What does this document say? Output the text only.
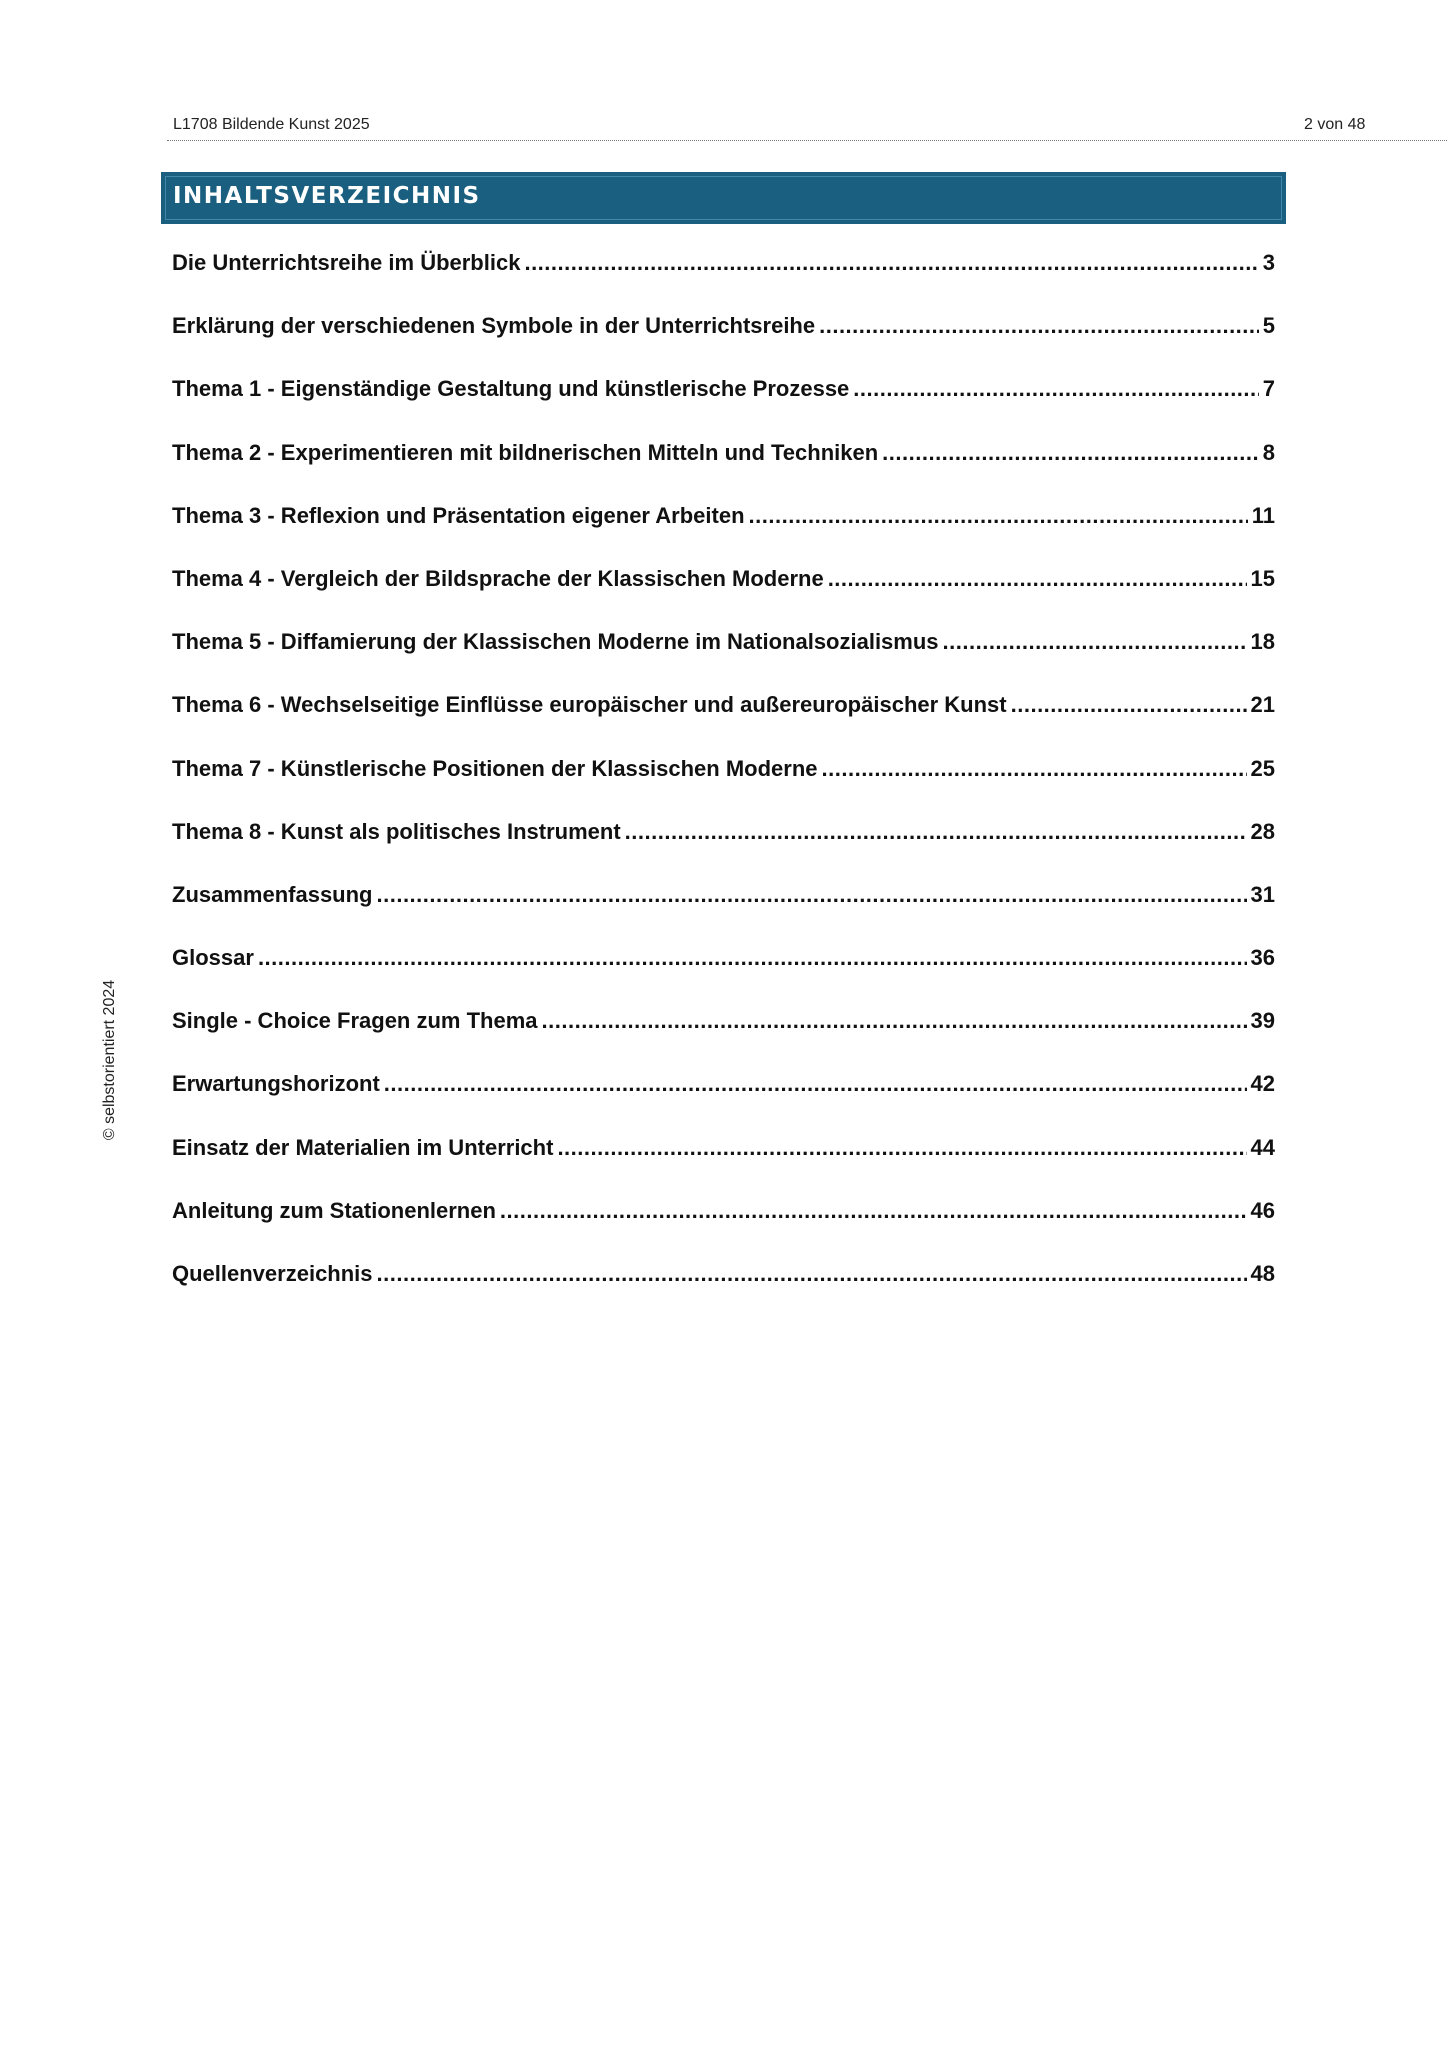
L1708 Bildende Kunst 2025	2 von 48
INHALTSVERZEICHNIS
Die Unterrichtsreihe im Überblick .....	3
Erklärung der verschiedenen Symbole in der Unterrichtsreihe .....	5
Thema 1 - Eigenständige Gestaltung und künstlerische Prozesse .....	7
Thema 2 - Experimentieren mit bildnerischen Mitteln und Techniken .....	8
Thema 3 - Reflexion und Präsentation eigener Arbeiten .....	11
Thema 4 - Vergleich der Bildsprache der Klassischen Moderne .....	15
Thema 5 - Diffamierung der Klassischen Moderne im Nationalsozialismus .....	18
Thema 6 - Wechselseitige Einflüsse europäischer und außereuropäischer Kunst .....	21
Thema 7 - Künstlerische Positionen der Klassischen Moderne .....	25
Thema 8 - Kunst als politisches Instrument .....	28
Zusammenfassung .....	31
Glossar .....	36
Single - Choice Fragen zum Thema .....	39
Erwartungshorizont .....	42
Einsatz der Materialien im Unterricht .....	44
Anleitung zum Stationenlernen .....	46
Quellenverzeichnis .....	48
© selbstorientiert 2024
